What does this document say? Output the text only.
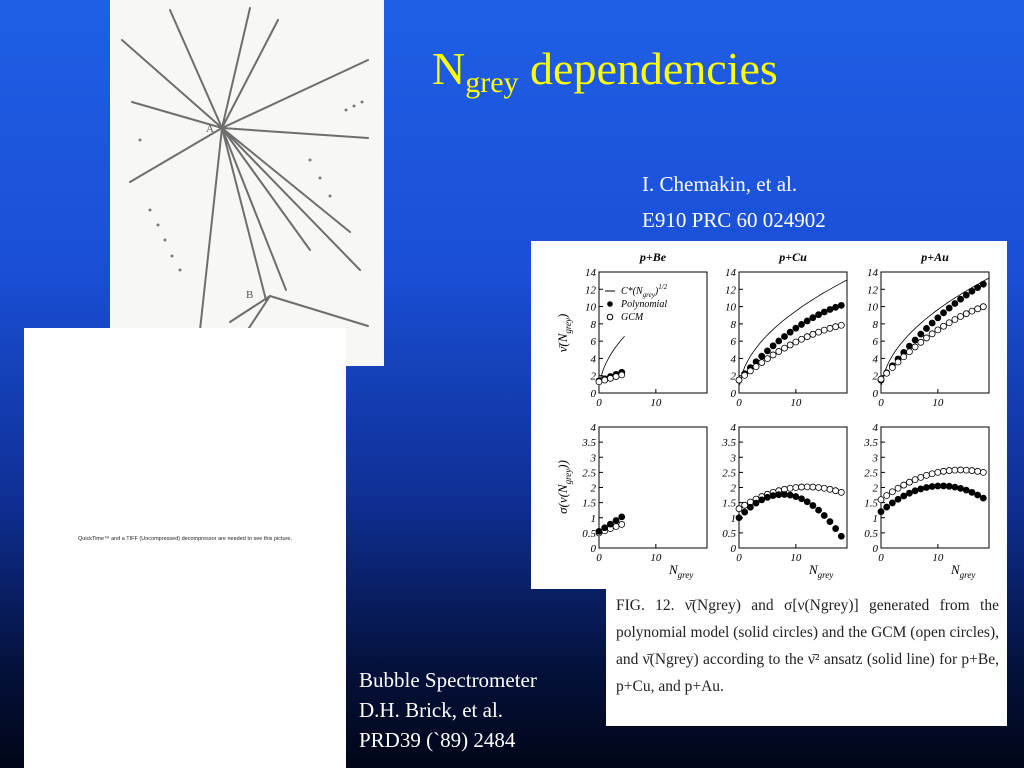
A
B
QuickTime™ and a TIFF (Uncompressed) decompressor are needed to see this picture.
$N_{grey}$ dependencies
I. Chemakin, et al.
E910 PRC 60 024902
p+Be	p+Cu	p+Au
0
2
4
6
8
10
12
14
0	10
0
2
4
6
8
10
12
14
0	10
0
2
4
6
8
10
12
14
0	10
0
0.5
1
1.5
2
2.5
3
3.5
4
0	10
0
0.5
1
1.5
2
2.5
3
3.5
4
0	10
0
0.5
1
1.5
2
2.5
3
3.5
4
0	10
$N_{grey}$	$N_{grey}$	$N_{grey}$
$\nū(N_{grey})$
$\sigma(\nu(N_{grey}))$
$C*(N_{grey})^{1/2}$
Polynomial
GCM

FIG. 12. ν̄(Ngrey) and σ[ν(Ngrey)] generated from the polynomial model (solid circles) and the GCM (open circles), and ν̄(Ngrey) according to the ν̄² ansatz (solid line) for p+Be, p+Cu, and p+Au.

Bubble Spectrometer
D.H. Brick, et al.
PRD39 (`89) 2484
